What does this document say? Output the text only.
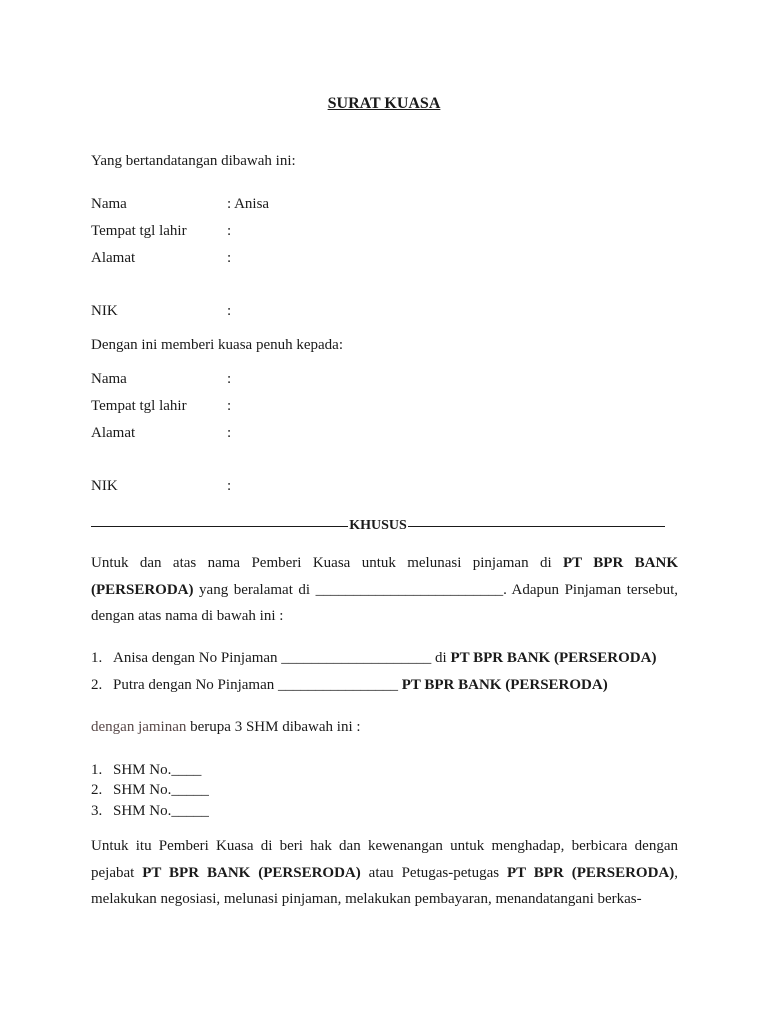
SURAT KUASA
Yang bertandatangan dibawah ini:
Nama	: Anisa
Tempat tgl lahir	:
Alamat	:
NIK	:
Dengan ini memberi kuasa penuh kepada:
Nama	:
Tempat tgl lahir	:
Alamat	:
NIK	:
KHUSUS
Untuk dan atas nama Pemberi Kuasa untuk melunasi pinjaman di PT BPR BANK (PERSERODA) yang beralamat di _________________________. Adapun Pinjaman tersebut, dengan atas nama di bawah ini :
1. Anisa dengan No Pinjaman ____________________ di PT BPR BANK (PERSERODA)
2. Putra dengan No Pinjaman ________________ PT BPR BANK (PERSERODA)
dengan jaminan berupa 3 SHM dibawah ini :
1. SHM No.____
2. SHM No._____
3. SHM No._____
Untuk itu Pemberi Kuasa di beri hak dan kewenangan untuk menghadap, berbicara dengan pejabat PT BPR BANK (PERSERODA) atau Petugas-petugas PT BPR (PERSERODA), melakukan negosiasi, melunasi pinjaman, melakukan pembayaran, menandatangani berkas-
